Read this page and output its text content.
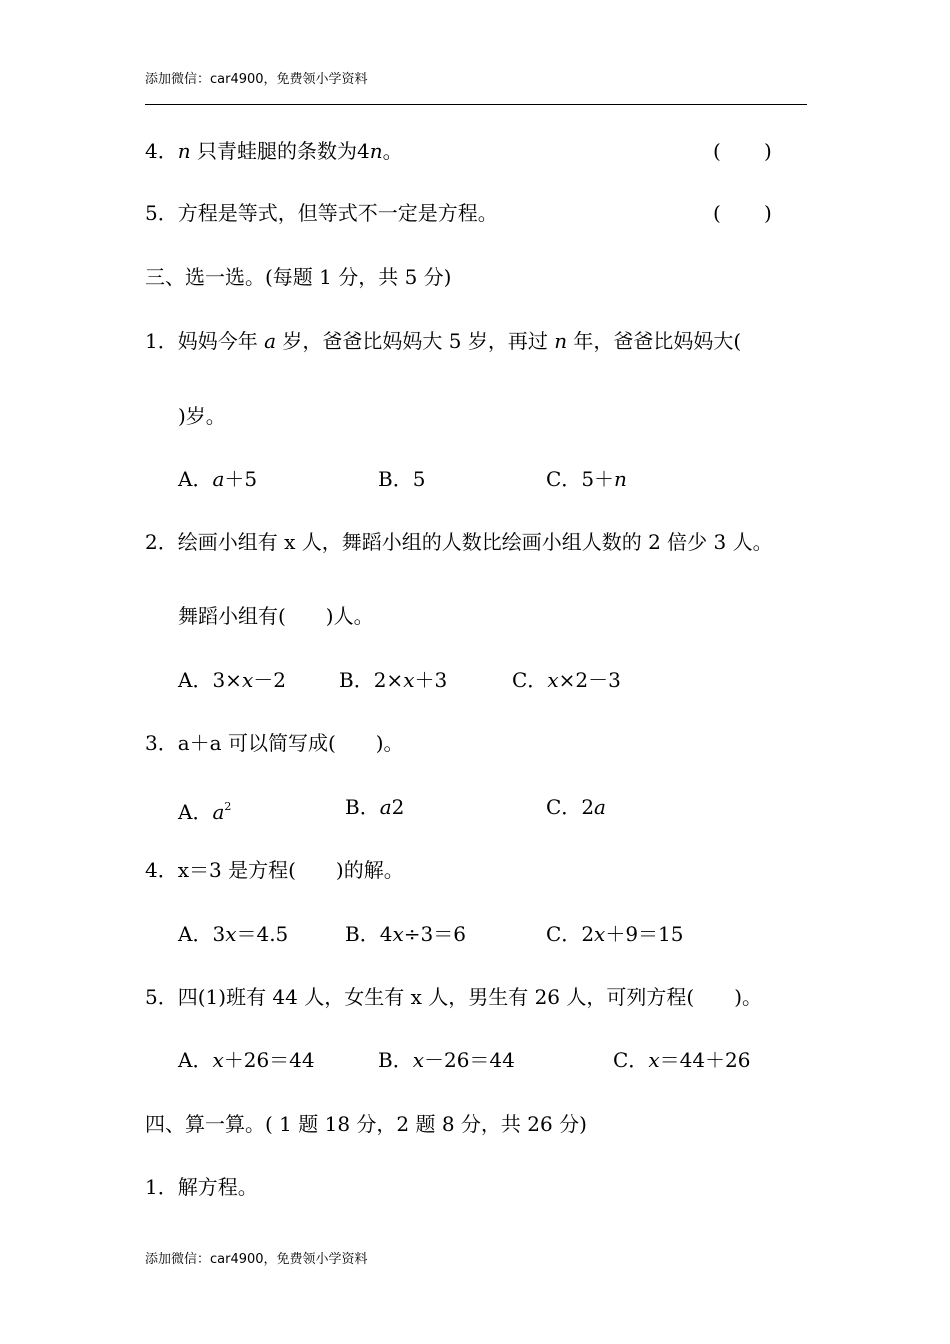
添加微信：car4900，免费领小学资料
4．n 只青蛙腿的条数为4n。	( )
5．方程是等式，但等式不一定是方程。	( )
三、选一选。(每题 1 分，共 5 分)
1．妈妈今年 a 岁，爸爸比妈妈大 5 岁，再过 n 年，爸爸比妈妈大(
)岁。
A．a＋5	B．5	C．5＋n
2．绘画小组有 x 人，舞蹈小组的人数比绘画小组人数的 2 倍少 3 人。
舞蹈小组有(　　)人。
A．3×x－2	B．2×x＋3	C．x×2－3
3．a＋a 可以简写成(　　)。
A．$a^2$	B．a2	C．2a
4．x＝3 是方程(　　)的解。
A．3x＝4.5	B．4x÷3＝6	C．2x＋9＝15
5．四(1)班有 44 人，女生有 x 人，男生有 26 人，可列方程(　　)。
A．x＋26＝44	B．x－26＝44	C．x＝44＋26
四、算一算。( 1 题 18 分，2 题 8 分，共 26 分)
1．解方程。
添加微信：car4900，免费领小学资料
